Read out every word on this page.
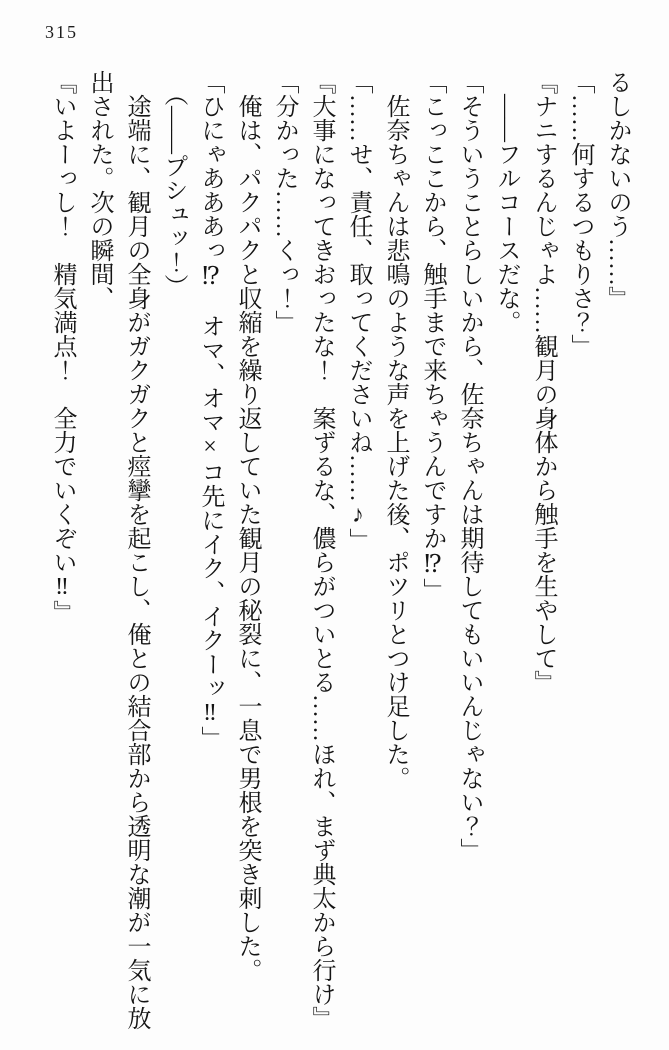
315

るしかないのう……』

「……何するつもりさ？」

『ナニするんじゃよ……観月の身体から触手を生やして』

　――フルコースだな。

「そういうことらしいから、佐奈ちゃんは期待してもいいんじゃない？」

「こっここから、触手まで来ちゃうんですか⁉」

　佐奈ちゃんは悲鳴のような声を上げた後、ポツリとつけ足した。

「……せ、責任、取ってくださいね……♪」

『大事になってきおったな！　案ずるな、儂らがついとる……ほれ、まず典太から行け』

「分かった……くっ！」

　俺は、パクパクと収縮を繰り返していた観月の秘裂に、一息で男根を突き刺した。

「ひにゃあああっ⁉　オマ、オマ×コ先にイク、イクーッ‼」

　（――プシュッ！）

　途端に、観月の全身がガクガクと痙攣を起こし、俺との結合部から透明な潮が一気に放

出された。次の瞬間、

『いよーっし！　精気満点！　全力でいくぞい‼』
